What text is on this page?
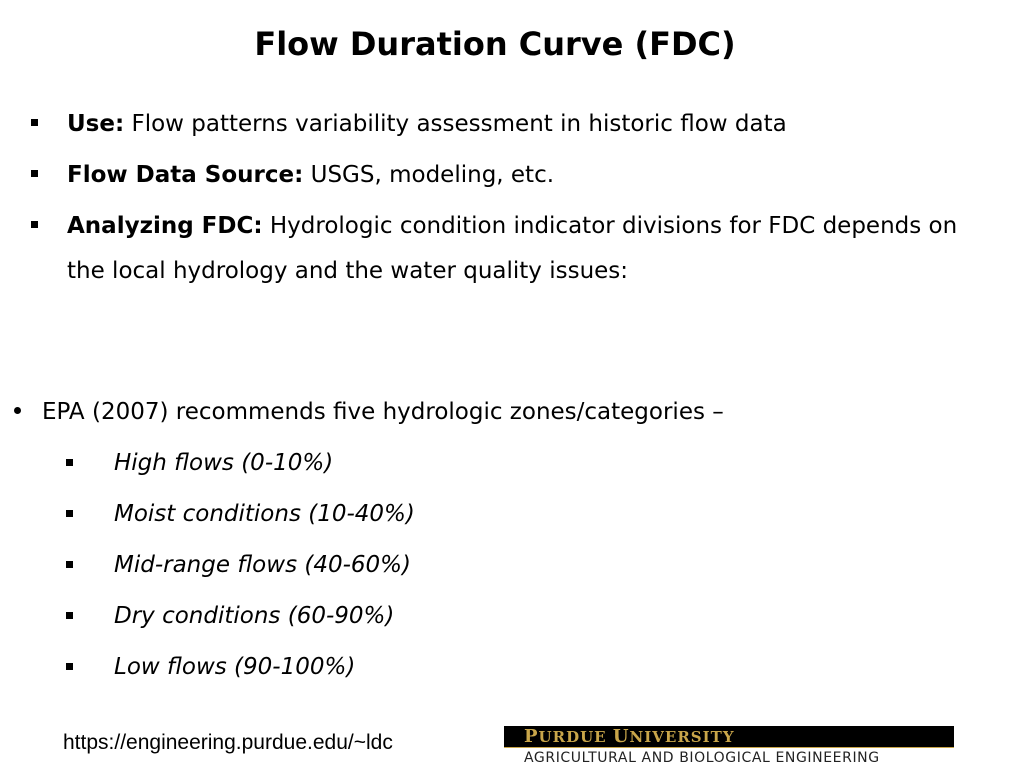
Flow Duration Curve (FDC)
Use: Flow patterns variability assessment in historic flow data
Flow Data Source: USGS, modeling, etc.
Analyzing FDC: Hydrologic condition indicator divisions for FDC depends on the local hydrology and the water quality issues:
EPA (2007) recommends five hydrologic zones/categories –
High flows (0-10%)
Moist conditions (10-40%)
Mid-range flows (40-60%)
Dry conditions (60-90%)
Low flows (90-100%)
https://engineering.purdue.edu/~ldc	PURDUE UNIVERSITY
AGRICULTURAL AND BIOLOGICAL ENGINEERING
